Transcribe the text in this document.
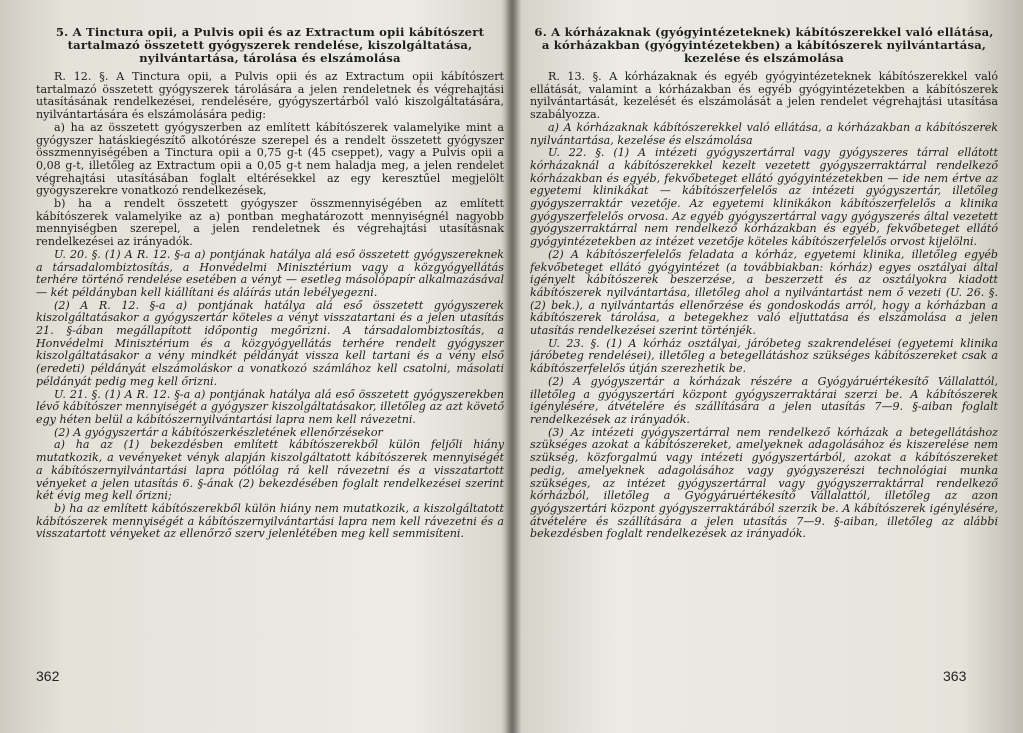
5. A Tinctura opii, a Pulvis opii és az Extractum opii kábítószert tartalmazó összetett gyógyszerek rendelése, kiszolgáltatása, nyilvántartása, tárolása és elszámolása

R. 12. §. A Tinctura opii, a Pulvis opii és az Extractum opii kábítószert tartalmazó összetett gyógyszerek tárolására a jelen rendeletnek és végrehajtási utasításának rendelkezései, rendelésére, gyógyszertárból való kiszolgáltatására, nyilvántartására és elszámolására pedig:

a) ha az összetett gyógyszerben az említett kábítószerek valamelyike mint a gyógyszer hatáskiegészítő alkotórésze szerepel és a rendelt összetett gyógyszer összmennyiségében a Tinctura opii a 0,75 g-t (45 cseppet), vagy a Pulvis opii a 0,08 g-t, illetőleg az Extractum opii a 0,05 g-t nem haladja meg, a jelen rendelet végrehajtási utasításában foglalt eltérésekkel az egy keresztűel megjelölt gyógyszerekre vonatkozó rendelkezések,

b) ha a rendelt összetett gyógyszer összmennyiségében az említett kábítószerek valamelyike az a) pontban meghatározott mennyiségnél nagyobb mennyiségben szerepel, a jelen rendeletnek és végrehajtási utasításnak rendelkezései az irányadók.

U. 20. §. (1) A R. 12. §-a a) pontjának hatálya alá eső összetett gyógyszereknek a társadalombiztosítás, a Honvédelmi Minisztérium vagy a közgyógyellátás terhére történő rendelése esetében a vényt — esetleg másolópapír alkalmazásával — két példányban kell kiállítani és aláírás után lebélyegezni.

(2) A R. 12. §-a a) pontjának hatálya alá eső összetett gyógyszerek kiszolgáltatásakor a gyógyszertár köteles a vényt visszatartani és a jelen utasítás 21. §-ában megállapított időpontig megőrizni. A társadalombiztosítás, a Honvédelmi Minisztérium és a közgyógyellátás terhére rendelt gyógyszer kiszolgáltatásakor a vény mindkét példányát vissza kell tartani és a vény első (eredeti) példányát elszámoláskor a vonatkozó számlához kell csatolni, másolati példányát pedig meg kell őrizni.

U. 21. §. (1) A R. 12. §-a a) pontjának hatálya alá eső összetett gyógyszerekben lévő kábítószer mennyiségét a gyógyszer kiszolgáltatásakor, illetőleg az azt követő egy héten belül a kábítószernyilvántartási lapra nem kell rávezetni.

(2) A gyógyszertár a kábítószerkészletének ellenőrzésekor

a) ha az (1) bekezdésben említett kábítószerekből külön feljőli hiány mutatkozik, a vevényeket vényk alapján kiszolgáltatott kábítószerek mennyiségét a kábítószernyilvántartási lapra pótlólag rá kell rávezetni és a visszatartott vényeket a jelen utasítás 6. §-ának (2) bekezdésében foglalt rendelkezései szerint két évig meg kell őrizni;

b) ha az említett kábítószerekből külön hiány nem mutatkozik, a kiszolgáltatott kábítószerek mennyiségét a kábítószernyilvántartási lapra nem kell rávezetni és a visszatartott vényeket az ellenőrző szerv jelenlétében meg kell semmisíteni.

362

6. A kórházaknak (gyógyintézeteknek) kábítószerekkel való ellátása, a kórházakban (gyógyintézetekben) a kábítószerek nyilvántartása, kezelése és elszámolása

R. 13. §. A kórházaknak és egyéb gyógyintézeteknek kábítószerekkel való ellátását, valamint a kórházakban és egyéb gyógyintézetekben a kábítószerek nyilvántartását, kezelését és elszámolását a jelen rendelet végrehajtási utasítása szabályozza.

a) A kórházaknak kábítószerekkel való ellátása, a kórházakban a kábítószerek nyilvántartása, kezelése és elszámolása

U. 22. §. (1) A intézeti gyógyszertárral vagy gyógyszeres tárral ellátott kórházaknál a kábítószerekkel kezelt vezetett gyógyszerraktárral rendelkező kórházakban és egyéb, fekvőbeteget ellátó gyógyintézetekben — ide nem értve az egyetemi klinikákat — kábítószerfelelős az intézeti gyógyszertár, illetőleg gyógyszerraktár vezetője. Az egyetemi klinikákon kábítószerfelelős a klinika gyógyszerfelelős orvosa. Az egyéb gyógyszertárral vagy gyógyszerés által vezetett gyógyszerraktárral nem rendelkező kórházakban és egyéb, fekvőbeteget ellátó gyógyintézetekben az intézet vezetője köteles kábítószerfelelős orvost kijelölni.

(2) A kábítószerfelelős feladata a kórház, egyetemi klinika, illetőleg egyéb fekvőbeteget ellátó gyógyintézet (a továbbiakban: kórház) egyes osztályai által igényelt kábítószerek beszerzése, a beszerzett és az osztályokra kiadott kábítószerek nyilvántartása, illetőleg ahol a nyilvántartást nem ő vezeti (U. 26. §. (2) bek.), a nyilvántartás ellenőrzése és gondoskodás arról, hogy a kórházban a kábítószerek tárolása, a betegekhez való eljuttatása és elszámolása a jelen utasítás rendelkezései szerint történjék.

U. 23. §. (1) A kórház osztályai, járóbeteg szakrendelései (egyetemi klinika járóbeteg rendelései), illetőleg a betegellátáshoz szükséges kábítószereket csak a kábítószerfelelős útján szerezhetik be.

(2) A gyógyszertár a kórházak részére a Gyógyáruértékesítő Vállalattól, illetőleg a gyógyszertári központ gyógyszerraktárai szerzi be. A kábítószerek igénylésére, átvételére és szállítására a jelen utasítás 7—9. §-aiban foglalt rendelkezések az irányadók.

(3) Az intézeti gyógyszertárral nem rendelkező kórházak a betegellátáshoz szükséges azokat a kábítószereket, amelyeknek adagolásához és kiszerelése nem szükség, közforgalmú vagy intézeti gyógyszertárból, azokat a kábítószereket pedig, amelyeknek adagolásához vagy gyógyszerészi technológiai munka szükséges, az intézet gyógyszertárral vagy gyógyszerraktárral rendelkező kórházból, illetőleg a Gyógyáruértékesítő Vállalattól, illetőleg az azon gyógyszertári központ gyógyszerraktárából szerzik be. A kábítószerek igénylésére, átvételére és szállítására a jelen utasítás 7—9. §-aiban, illetőleg az alábbi bekezdésben foglalt rendelkezések az irányadók.

363
